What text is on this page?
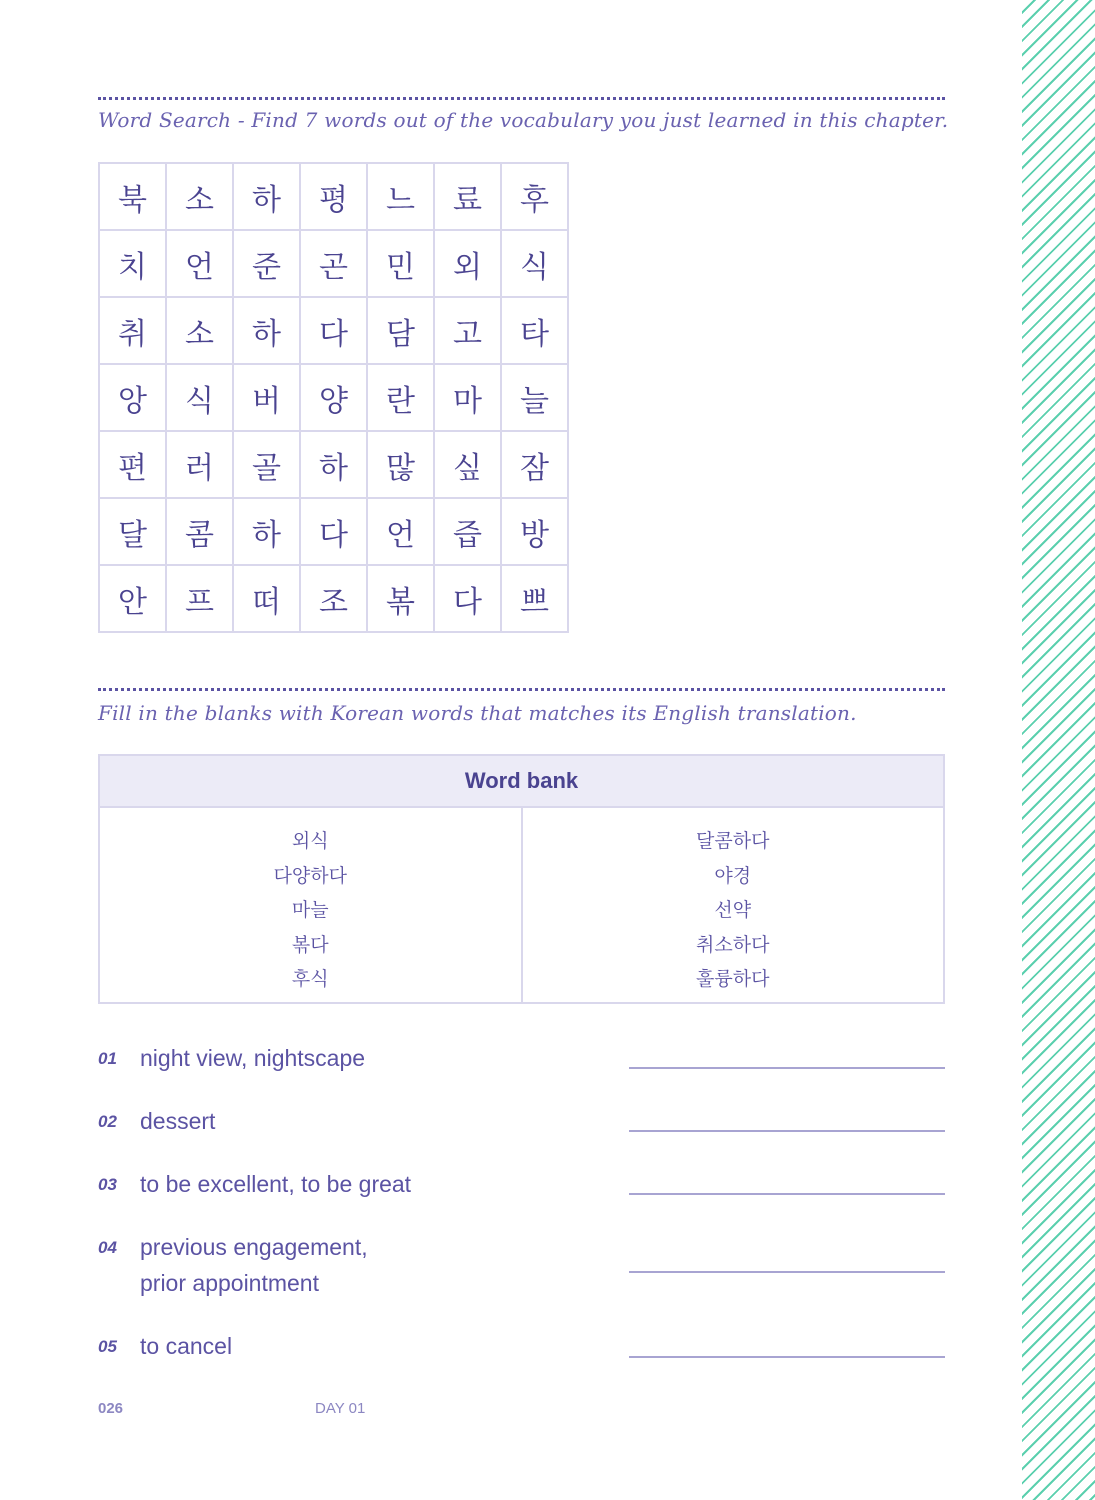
Word Search - Find 7 words out of the vocabulary you just learned in this chapter.
북	소	하	평	느	료	후
치	언	준	곤	민	외	식
취	소	하	다	담	고	타
앙	식	버	양	란	마	늘
편	러	골	하	많	싶	잠
달	콤	하	다	언	즙	방
안	프	떠	조	볶	다	쁘
Fill in the blanks with Korean words that matches its English translation.
Word bank
외식
다양하다
마늘
볶다
후식
달콤하다
야경
선약
취소하다
훌륭하다
01 night view, nightscape
02 dessert
03 to be excellent, to be great
04 previous engagement,
prior appointment
05 to cancel
026	DAY 01
